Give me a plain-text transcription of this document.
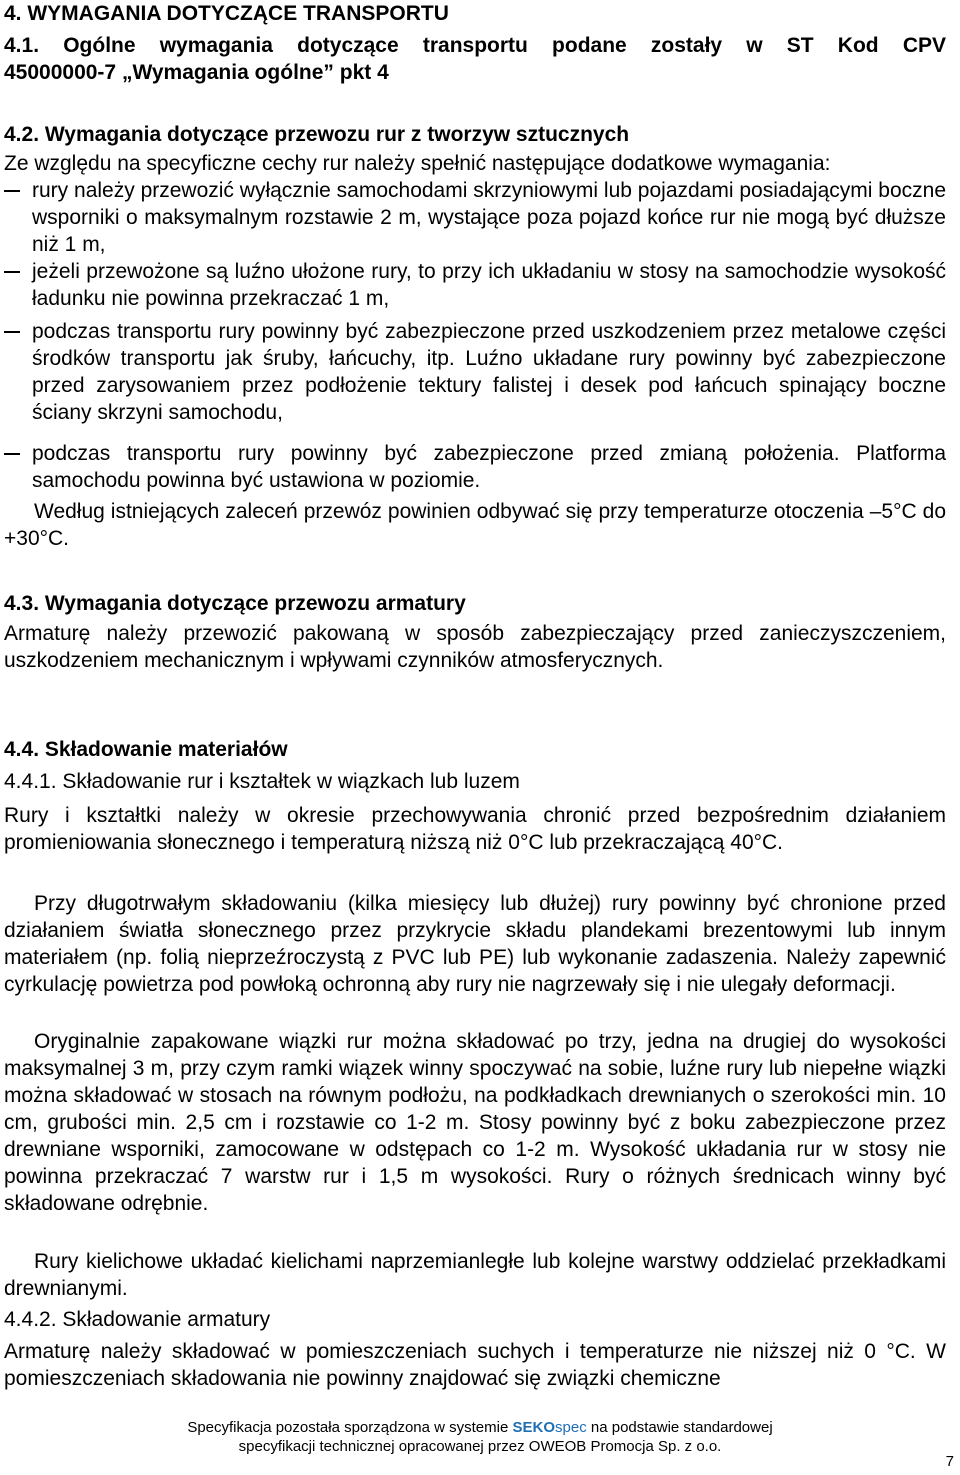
4. WYMAGANIA DOTYCZĄCE TRANSPORTU
4.1. Ogólne wymagania dotyczące transportu podane zostały w ST Kod CPV
45000000-7 „Wymagania ogólne” pkt 4
4.2. Wymagania dotyczące przewozu rur z tworzyw sztucznych
Ze względu na specyficzne cechy rur należy spełnić następujące dodatkowe wymagania:
rury należy przewozić wyłącznie samochodami skrzyniowymi lub pojazdami posiadającymi boczne wsporniki o maksymalnym rozstawie 2 m, wystające poza pojazd końce rur nie mogą być dłuższe niż 1 m,
jeżeli przewożone są luźno ułożone rury, to przy ich układaniu w stosy na samochodzie wysokość ładunku nie powinna przekraczać 1 m,
podczas transportu rury powinny być zabezpieczone przed uszkodzeniem przez metalowe części środków transportu jak śruby, łańcuchy, itp. Luźno układane rury powinny być zabezpieczone przed zarysowaniem przez podłożenie tektury falistej i desek pod łańcuch spinający boczne ściany skrzyni samochodu,
podczas transportu rury powinny być zabezpieczone przed zmianą położenia. Platforma samochodu powinna być ustawiona w poziomie.
Według istniejących zaleceń przewóz powinien odbywać się przy temperaturze otoczenia –5°C do +30°C.
4.3. Wymagania dotyczące przewozu armatury
Armaturę należy przewozić pakowaną w sposób zabezpieczający przed zanieczyszczeniem, uszkodzeniem mechanicznym i wpływami czynników atmosferycznych.
4.4. Składowanie materiałów
4.4.1. Składowanie rur i kształtek w wiązkach lub luzem
Rury i kształtki należy w okresie przechowywania chronić przed bezpośrednim działaniem promieniowania słonecznego i temperaturą niższą niż 0°C lub przekraczającą 40°C.
Przy długotrwałym składowaniu (kilka miesięcy lub dłużej) rury powinny być chronione przed działaniem światła słonecznego przez przykrycie składu plandekami brezentowymi lub innym materiałem (np. folią nieprzeźroczystą z PVC lub PE) lub wykonanie zadaszenia. Należy zapewnić cyrkulację powietrza pod powłoką ochronną aby rury nie nagrzewały się i nie ulegały deformacji.
Oryginalnie zapakowane wiązki rur można składować po trzy, jedna na drugiej do wysokości maksymalnej 3 m, przy czym ramki wiązek winny spoczywać na sobie, luźne rury lub niepełne wiązki można składować w stosach na równym podłożu, na podkładkach drewnianych o szerokości min. 10 cm, grubości min. 2,5 cm i rozstawie co 1-2 m. Stosy powinny być z boku zabezpieczone przez drewniane wsporniki, zamocowane w odstępach co 1-2 m. Wysokość układania rur w stosy nie powinna przekraczać 7 warstw rur i 1,5 m wysokości. Rury o różnych średnicach winny być składowane odrębnie.
Rury kielichowe układać kielichami naprzemianległe lub kolejne warstwy oddzielać przekładkami drewnianymi.
4.4.2. Składowanie armatury
Armaturę należy składować w pomieszczeniach suchych i temperaturze nie niższej niż 0 °C. W pomieszczeniach składowania nie powinny znajdować się związki chemiczne
Specyfikacja pozostała sporządzona w systemie SEKOspec na podstawie standardowej
specyfikacji technicznej opracowanej przez OWEOB Promocja Sp. z o.o.
7
